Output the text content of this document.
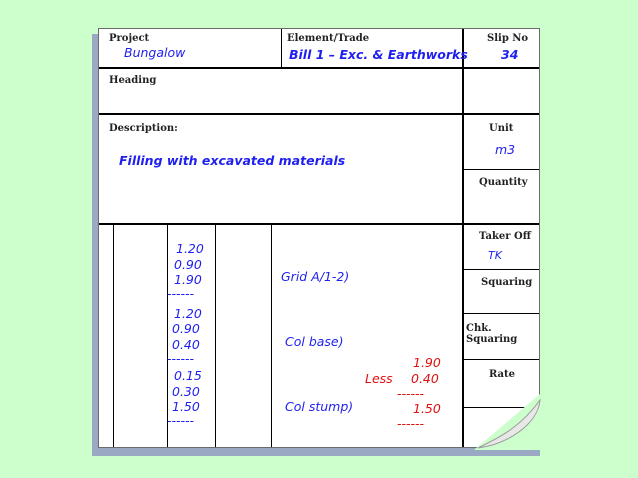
Project
Bungalow
Element/Trade
Bill 1 – Exc. & Earthworks
Slip No
34
Heading
Description:
Filling with excavated materials
Unit
m3
Quantity
Taker Off
TK
Squaring
Chk. Squaring
Rate
1.20
0.90
1.90
------
1.20
0.90
0.40
------
0.15
0.30
1.50
------
Grid A/1-2)
Col base)
Col stump)
1.90
Less 0.40
------
1.50
------
